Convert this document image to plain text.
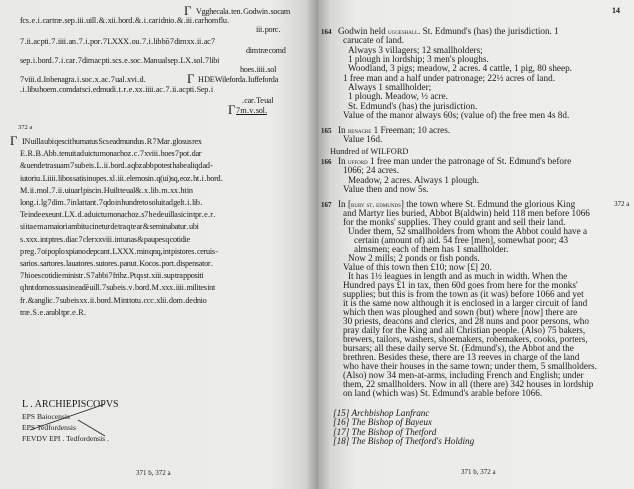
Vgghecala . ten . Godwin . socam
fcs . e . i . car træ . sep . iii . uill . & . xii . bord . & . i . car i dnio . & . iii . car hom flu .
iii . porc .
7 . ii . ac pti . 7 . iiii . an . 7 . i . por . 7 LXXX . ou . 7 . i . lib hō 7 dim xx . ii . ac 7
dim træ comd
sep . i . bord . 7 . i . car . 7 dim ac pti . scs . e . soc . Man ual sep . LX . sol . 7 libi
hoes . iiii . sol
7 viii . d . In benagra . i . soc . x . ac . 7 ual . xvi . d .	H DE Wileforda . Iuffeforda
. i . libu hoem . comdat sci . edmudi . t . r . e . xx . iiii . ac . 7 . ii . ac pti . Sep . i
. car . Te ual
7 m . v . sol .
Г
Г
Г
372 a
Г IN uilla ubi qescit humatus Scs eadmundus . R 7 Mar . glosus rex
E . R . B . Abb . tenuit ad uictu monachoz . c . 7 xviii . hoes 7 pot . dar
& uende tra suam 7 sub eis . L . ii . bord . a qbz abb potest habe aliqd ad -
iutoriu . Liiii . libos satis inopes . xl . iii . elemosin . q(ui)sq, eoz . ht . i . bord .
M . ii . mol . 7 . ii . uiuar l piscin . H uilt te ual& . x . lib . m . xx . ht in
long . i . lg 7 dim . 7 in lat tant . 7 qdo in hundreto soluit ad gelt . i . lib .
Te inde exeunt . LX . d . ad uictu monachoz . s7 h e de uilla sic in tpr . e . r .
si ita e m a maiori ambitu cinetur de tra q te ar & seminabatur . ubi
s . xxx . int ptres . diac 7 cler xxviii . int unas & paupes q cotidie
p reg . 7 oi poplo xpiano depcant . LXXX . min qnq, int pistores . ceruis -
sarios . sartores . lauatores . sutores . panut . Kocos . port . dispensator .
7 hi oes cotidie ministr . S 7 abbi 7 fribz . Pt qs st . xiii . sup tra ppositi
q hnt domos suas in eadē uill . 7 sub eis . v . bord . M . xxx . iiii . milites int
fr . & anglic . 7 sub eis xx . ii . bord . M int totu . ccc . xlii . dom . de dnio
træ . S . e . arabl tpr . e . R .
L . ARCHIEPISCOPVS
EPS Baiocensis
EPS Tedfordensis
FEVDV EPI . Tedfordensis .
371 b, 372 a
14
164 Godwin held uggeshall. St. Edmund's (has) the jurisdiction. 1
carucate of land.
Always 3 villagers; 12 smallholders;
1 plough in lordship; 3 men's ploughs.
Woodland, 3 pigs; meadow, 2 acres. 4 cattle, 1 pig, 80 sheep.
1 free man and a half under patronage; 22½ acres of land.
Always 1 smallholder;
1 plough. Meadow, ½ acre.
St. Edmund's (has) the jurisdiction.
Value of the manor always 60s; (value of) the free men 4s 8d.
165 In benacre 1 Freeman; 10 acres.
Value 16d.
Hundred of WILFORD
166 In ufford 1 free man under the patronage of St. Edmund's before
1066; 24 acres.
Meadow, 2 acres. Always 1 plough.
Value then and now 5s.
167 In [bury st. edmunds] the town where St. Edmund the glorious King
and Martyr lies buried, Abbot B(aldwin) held 118 men before 1066
for the monks' supplies. They could grant and sell their land.
Under them, 52 smallholders from whom the Abbot could have a
certain (amount of) aid. 54 free [men], somewhat poor; 43
almsmen; each of them has 1 smallholder.
Now 2 mills; 2 ponds or fish ponds.
Value of this town then £10; now [£] 20.
It has 1½ leagues in length and as much in width. When the
Hundred pays £1 in tax, then 60d goes from here for the monks'
supplies; but this is from the town as (it was) before 1066 and yet
it is the same now although it is enclosed in a larger circuit of land
which then was ploughed and sown (but) where [now] there are
30 priests, deacons and clerics, and 28 nuns and poor persons, who
pray daily for the King and all Christian people. (Also) 75 bakers,
brewers, tailors, washers, shoemakers, robemakers, cooks, porters,
bursars; all these daily serve St. (Edmund's), the Abbot and the
brethren. Besides these, there are 13 reeves in charge of the land
who have their houses in the same town; under them, 5 smallholders.
(Also) now 34 men-at-arms, including French and English; under
them, 22 smallholders. Now in all (there are) 342 houses in lordship
on land (which was) St. Edmund's arable before 1066.
372 a
[15] Archbishop Lanfranc
[16] The Bishop of Bayeux
[17] The Bishop of Thetford
[18] The Bishop of Thetford's Holding
371 b, 372 a
